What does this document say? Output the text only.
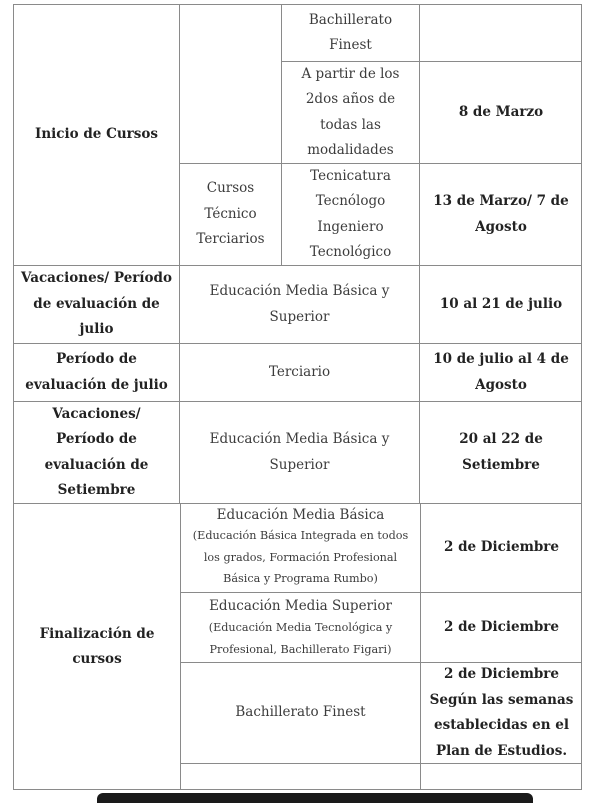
Inicio de Cursos
Bachillerato Finest
A partir de los 2dos años de todas las modalidades
8 de Marzo
Cursos Técnico Terciarios
Tecnicatura Tecnólogo Ingeniero Tecnológico
13 de Marzo/ 7 de Agosto
Vacaciones/ Período de evaluación de julio
Educación Media Básica y Superior
10 al 21 de julio
Período de evaluación de julio
Terciario
10 de julio al 4 de Agosto
Vacaciones/ Período de evaluación de Setiembre
Educación Media Básica y Superior
20 al 22 de Setiembre
Finalización de cursos
Educación Media Básica
(Educación Básica Integrada en todos los grados, Formación Profesional Básica y Programa Rumbo)
2 de Diciembre
Educación Media Superior
(Educación Media Tecnológica y Profesional, Bachillerato Figari)
2 de Diciembre
Bachillerato Finest
2 de Diciembre Según las semanas establecidas en el Plan de Estudios.
